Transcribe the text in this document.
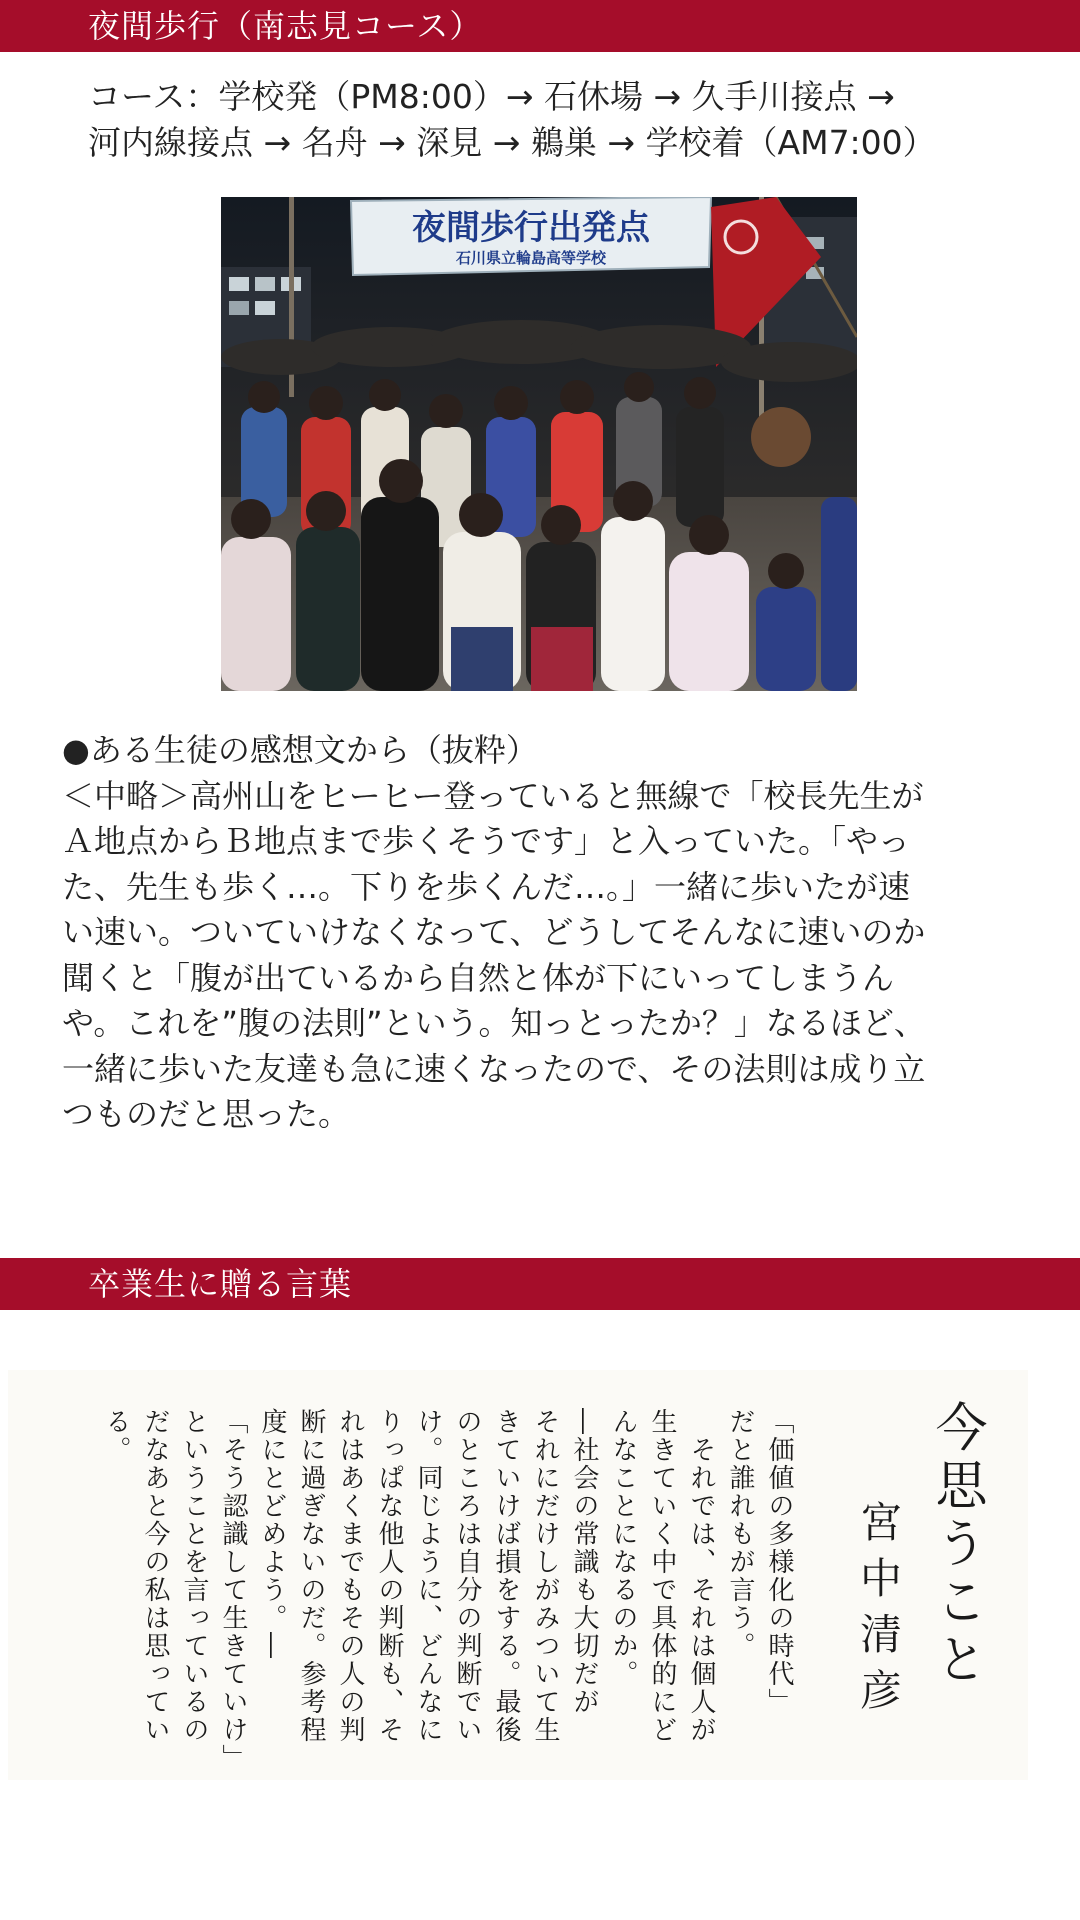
夜間歩行（南志見コース）
コース：学校発（PM8:00）→ 石休場 → 久手川接点 →
河内線接点 → 名舟 → 深見 → 鵜巣 → 学校着（AM7:00）
夜間歩行出発点
石川県立輪島高等学校
●ある生徒の感想文から（抜粋）
＜中略＞高州山をヒーヒー登っていると無線で「校長先生が
Ａ地点からＢ地点まで歩くそうです」と入っていた。「やっ
た、先生も歩く…。下りを歩くんだ…。」一緒に歩いたが速
い速い。ついていけなくなって、どうしてそんなに速いのか
聞くと「腹が出ているから自然と体が下にいってしまうん
や。これを”腹の法則”という。知っとったか？」なるほど、
一緒に歩いた友達も急に速くなったので、その法則は成り立
つものだと思った。
卒業生に贈る言葉
今思うこと
宮中清彦
「価値の多様化の時代」
だと誰れもが言う。
　それでは、それは個人が
生きていく中で具体的にど
んなことになるのか。
―社会の常識も大切だが
それにだけしがみついて生
きていけば損をする。最後
のところは自分の判断でい
け。同じように、どんなに
りっぱな他人の判断も、そ
れはあくまでもその人の判
断に過ぎないのだ。参考程
度にとどめよう。―
「そう認識して生きていけ」
ということを言っているの
だなあと今の私は思ってい
る。
